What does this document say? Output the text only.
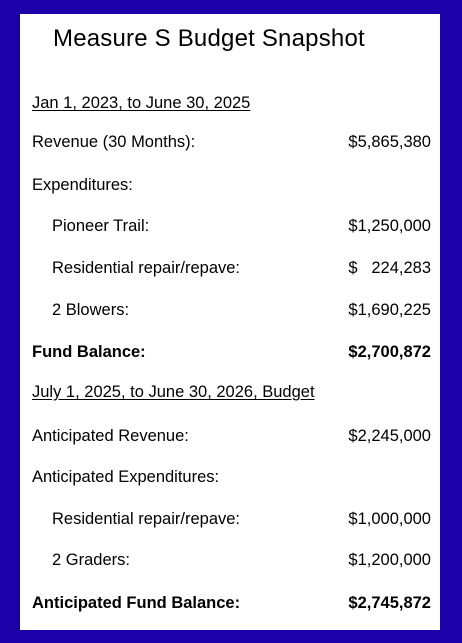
Measure S Budget Snapshot
Jan 1, 2023, to June 30, 2025
Revenue (30 Months):	$5,865,380
Expenditures:
Pioneer Trail:	$1,250,000
Residential repair/repave:	$   224,283
2 Blowers:	$1,690,225
Fund Balance:	$2,700,872
July 1, 2025, to June 30, 2026, Budget
Anticipated Revenue:	$2,245,000
Anticipated Expenditures:
Residential repair/repave:	$1,000,000
2 Graders:	$1,200,000
Anticipated Fund Balance:	$2,745,872
